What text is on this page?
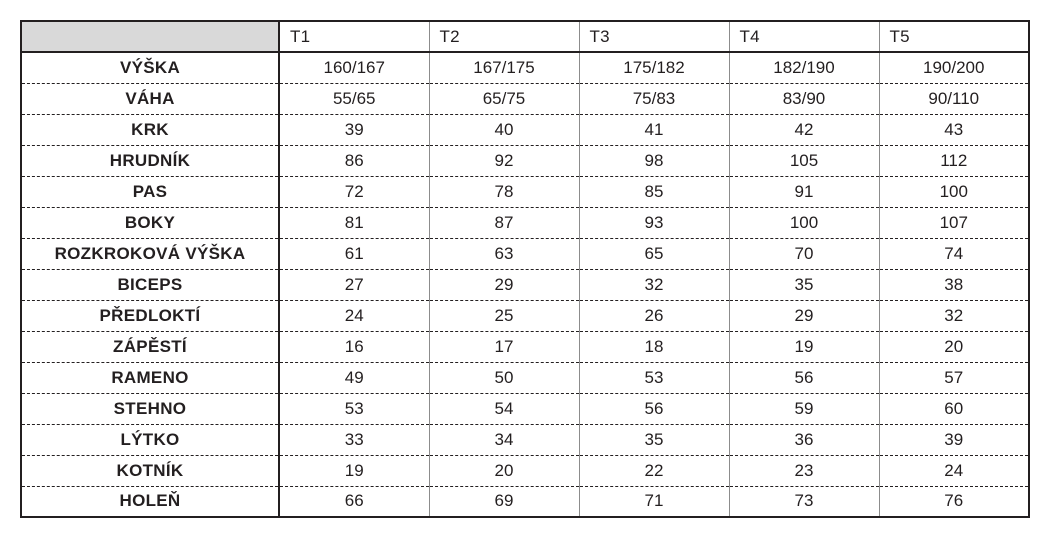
	T1	T2	T3	T4	T5
VÝŠKA	160/167	167/175	175/182	182/190	190/200
VÁHA	55/65	65/75	75/83	83/90	90/110
KRK	39	40	41	42	43
HRUDNÍK	86	92	98	105	112
PAS	72	78	85	91	100
BOKY	81	87	93	100	107
ROZKROKOVÁ VÝŠKA	61	63	65	70	74
BICEPS	27	29	32	35	38
PŘEDLOKTÍ	24	25	26	29	32
ZÁPĚSTÍ	16	17	18	19	20
RAMENO	49	50	53	56	57
STEHNO	53	54	56	59	60
LÝTKO	33	34	35	36	39
KOTNÍK	19	20	22	23	24
HOLEŇ	66	69	71	73	76
